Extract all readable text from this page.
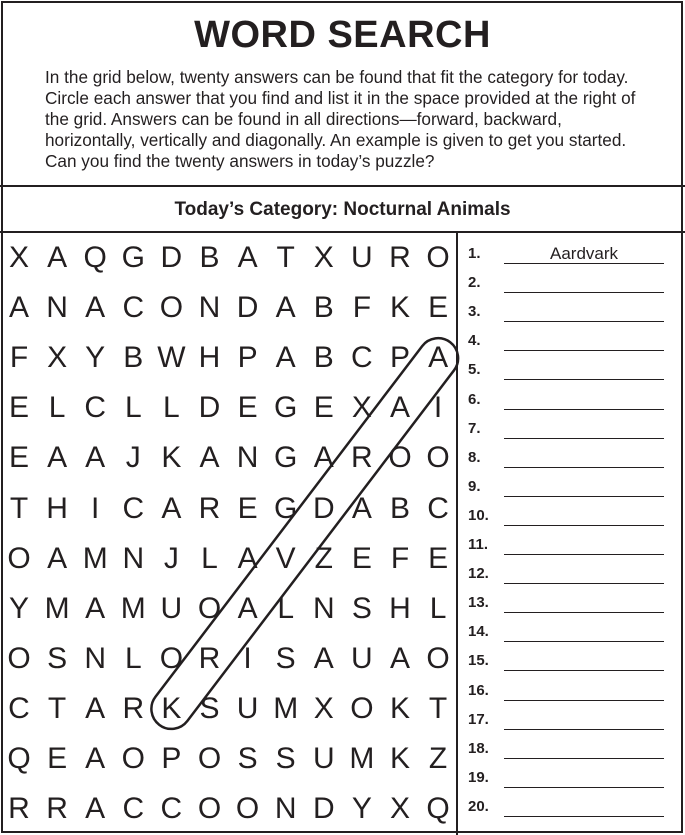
WORD SEARCH
In the grid below, twenty answers can be found that fit the category for today. Circle each answer that you find and list it in the space provided at the right of the grid. Answers can be found in all directions—forward, backward, horizontally, vertically and diagonally. An example is given to get you started. Can you find the twenty answers in today’s puzzle?
Today’s Category: Nocturnal Animals
X A Q G D B A T X U R O
A N A C O N D A B F K E
F X Y B W H P A B C P A
E L C L L D E G E X A I
E A A J K A N G A R O O
T H I C A R E G D A B C
O A M N J L A V Z E F E
Y M A M U O A L N S H L
O S N L O R I S A U A O
C T A R K S U M X O K T
Q E A O P O S S U M K Z
R R A C C O O N D Y X Q
1.	Aardvark
2.
3.
4.
5.
6.
7.
8.
9.
10.
11.
12.
13.
14.
15.
16.
17.
18.
19.
20.
